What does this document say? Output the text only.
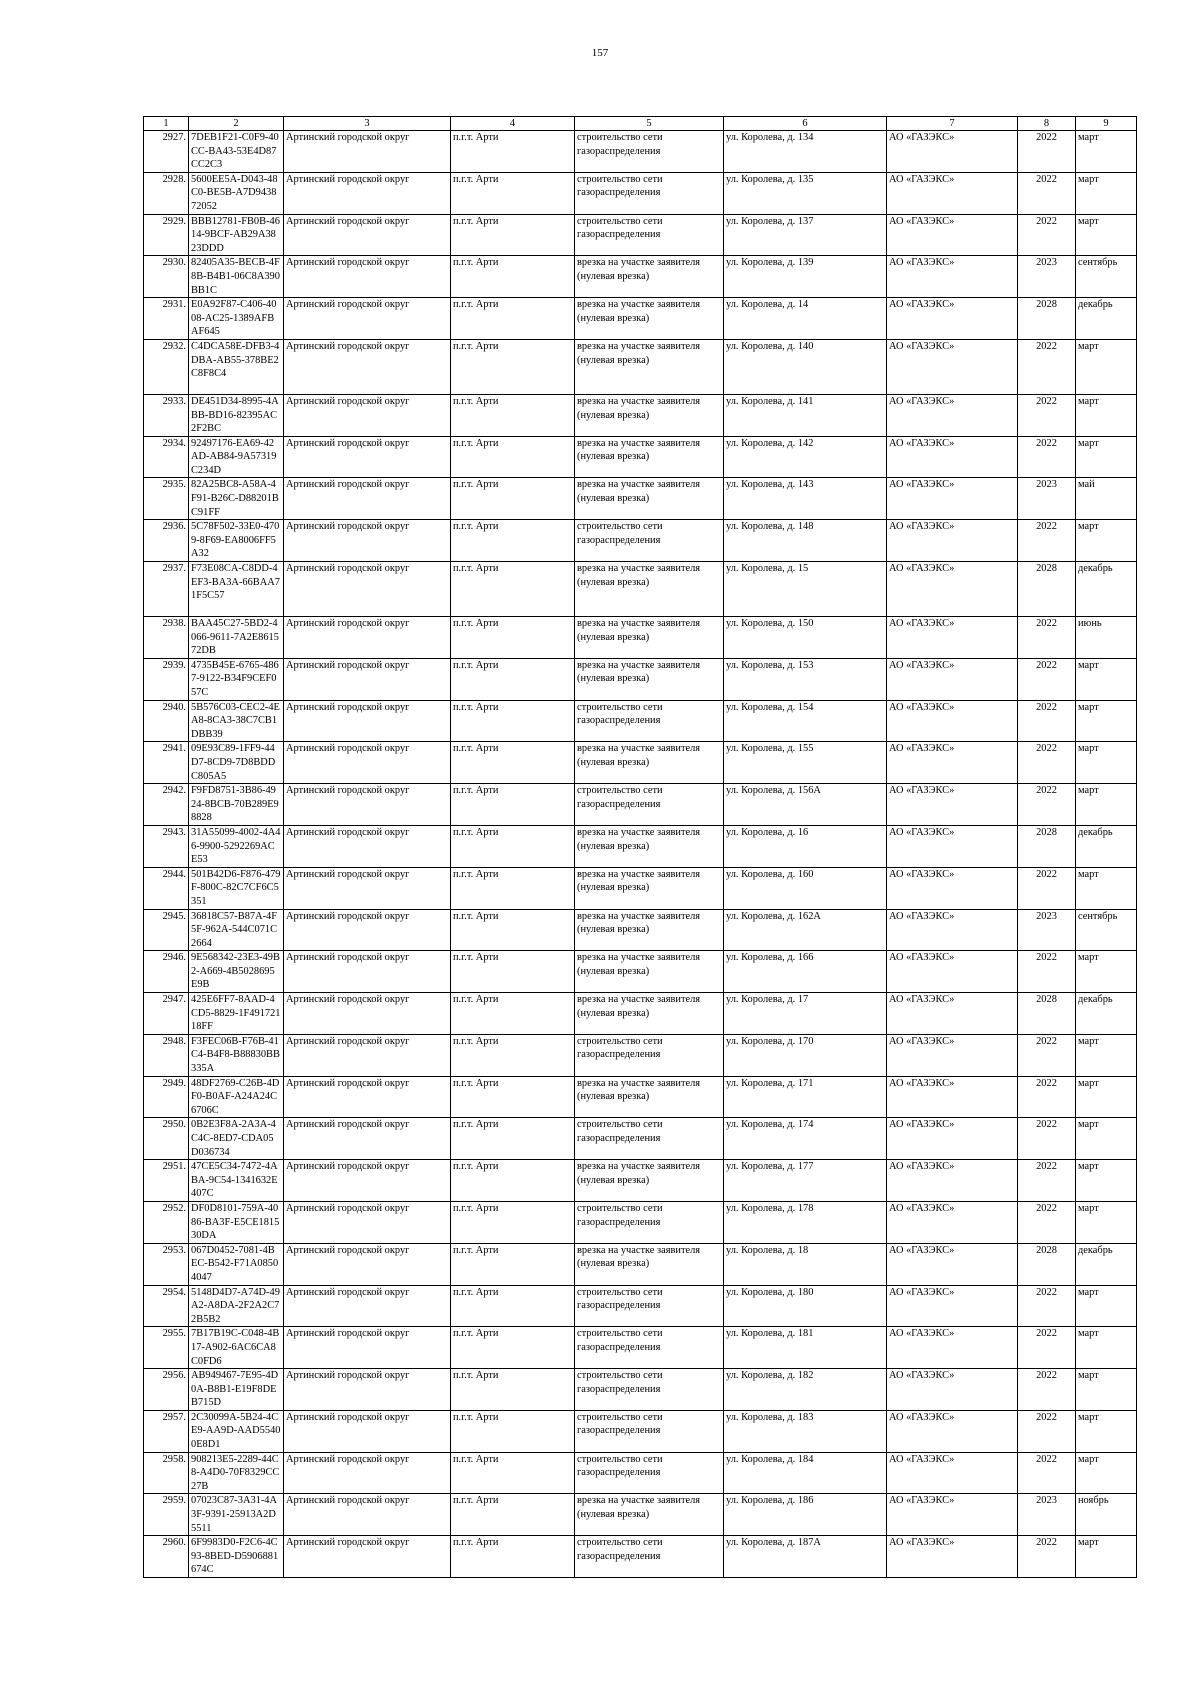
157
1	2	3	4	5	6	7	8	9
2927.	7DEB1F21-C0F9-40CC-BA43-53E4D87CC2C3	Артинский городской округ	п.г.т. Арти	строительство сети газораспределения	ул. Королева, д. 134	АО «ГАЗЭКС»	2022	март
2928.	5600EE5A-D043-48C0-BE5B-A7D943872052	Артинский городской округ	п.г.т. Арти	строительство сети газораспределения	ул. Королева, д. 135	АО «ГАЗЭКС»	2022	март
2929.	BBB12781-FB0B-4614-9BCF-AB29A3823DDD	Артинский городской округ	п.г.т. Арти	строительство сети газораспределения	ул. Королева, д. 137	АО «ГАЗЭКС»	2022	март
2930.	82405A35-BECB-4F8B-B4B1-06C8A390BB1C	Артинский городской округ	п.г.т. Арти	врезка на участке заявителя (нулевая врезка)	ул. Королева, д. 139	АО «ГАЗЭКС»	2023	сентябрь
2931.	E0A92F87-C406-4008-AC25-1389AFBAF645	Артинский городской округ	п.г.т. Арти	врезка на участке заявителя (нулевая врезка)	ул. Королева, д. 14	АО «ГАЗЭКС»	2028	декабрь
2932.	C4DCA58E-DFB3-4DBA-AB55-378BE2C8F8C4	Артинский городской округ	п.г.т. Арти	врезка на участке заявителя (нулевая врезка)	ул. Королева, д. 140	АО «ГАЗЭКС»	2022	март
2933.	DE451D34-8995-4ABB-BD16-82395AC2F2BC	Артинский городской округ	п.г.т. Арти	врезка на участке заявителя (нулевая врезка)	ул. Королева, д. 141	АО «ГАЗЭКС»	2022	март
2934.	92497176-EA69-42AD-AB84-9A57319C234D	Артинский городской округ	п.г.т. Арти	врезка на участке заявителя (нулевая врезка)	ул. Королева, д. 142	АО «ГАЗЭКС»	2022	март
2935.	82A25BC8-A58A-4F91-B26C-D88201BC91FF	Артинский городской округ	п.г.т. Арти	врезка на участке заявителя (нулевая врезка)	ул. Королева, д. 143	АО «ГАЗЭКС»	2023	май
2936.	5C78F502-33E0-4709-8F69-EA8006FF5A32	Артинский городской округ	п.г.т. Арти	строительство сети газораспределения	ул. Королева, д. 148	АО «ГАЗЭКС»	2022	март
2937.	F73E08CA-C8DD-4EF3-BA3A-66BAA71F5C57	Артинский городской округ	п.г.т. Арти	врезка на участке заявителя (нулевая врезка)	ул. Королева, д. 15	АО «ГАЗЭКС»	2028	декабрь
2938.	BAA45C27-5BD2-4066-9611-7A2E861572DB	Артинский городской округ	п.г.т. Арти	врезка на участке заявителя (нулевая врезка)	ул. Королева, д. 150	АО «ГАЗЭКС»	2022	июнь
2939.	4735B45E-6765-4867-9122-B34F9CEF057C	Артинский городской округ	п.г.т. Арти	врезка на участке заявителя (нулевая врезка)	ул. Королева, д. 153	АО «ГАЗЭКС»	2022	март
2940.	5B576C03-CEC2-4EA8-8CA3-38C7CB1DBB39	Артинский городской округ	п.г.т. Арти	строительство сети газораспределения	ул. Королева, д. 154	АО «ГАЗЭКС»	2022	март
2941.	09E93C89-1FF9-44D7-8CD9-7D8BDDC805A5	Артинский городской округ	п.г.т. Арти	врезка на участке заявителя (нулевая врезка)	ул. Королева, д. 155	АО «ГАЗЭКС»	2022	март
2942.	F9FD8751-3B86-4924-8BCB-70B289E98828	Артинский городской округ	п.г.т. Арти	строительство сети газораспределения	ул. Королева, д. 156А	АО «ГАЗЭКС»	2022	март
2943.	31A55099-4002-4A46-9900-5292269ACE53	Артинский городской округ	п.г.т. Арти	врезка на участке заявителя (нулевая врезка)	ул. Королева, д. 16	АО «ГАЗЭКС»	2028	декабрь
2944.	501B42D6-F876-479F-800C-82C7CF6C5351	Артинский городской округ	п.г.т. Арти	врезка на участке заявителя (нулевая врезка)	ул. Королева, д. 160	АО «ГАЗЭКС»	2022	март
2945.	36818C57-B87A-4F5F-962A-544C071C2664	Артинский городской округ	п.г.т. Арти	врезка на участке заявителя (нулевая врезка)	ул. Королева, д. 162А	АО «ГАЗЭКС»	2023	сентябрь
2946.	9E568342-23E3-49B2-A669-4B5028695E9B	Артинский городской округ	п.г.т. Арти	врезка на участке заявителя (нулевая врезка)	ул. Королева, д. 166	АО «ГАЗЭКС»	2022	март
2947.	425E6FF7-8AAD-4CD5-8829-1F49172118FF	Артинский городской округ	п.г.т. Арти	врезка на участке заявителя (нулевая врезка)	ул. Королева, д. 17	АО «ГАЗЭКС»	2028	декабрь
2948.	F3FEC06B-F76B-41C4-B4F8-B88830BB335A	Артинский городской округ	п.г.т. Арти	строительство сети газораспределения	ул. Королева, д. 170	АО «ГАЗЭКС»	2022	март
2949.	48DF2769-C26B-4DF0-B0AF-A24A24C6706C	Артинский городской округ	п.г.т. Арти	врезка на участке заявителя (нулевая врезка)	ул. Королева, д. 171	АО «ГАЗЭКС»	2022	март
2950.	0B2E3F8A-2A3A-4C4C-8ED7-CDA05D036734	Артинский городской округ	п.г.т. Арти	строительство сети газораспределения	ул. Королева, д. 174	АО «ГАЗЭКС»	2022	март
2951.	47CE5C34-7472-4ABA-9C54-1341632E407C	Артинский городской округ	п.г.т. Арти	врезка на участке заявителя (нулевая врезка)	ул. Королева, д. 177	АО «ГАЗЭКС»	2022	март
2952.	DF0D8101-759A-4086-BA3F-E5CE181530DA	Артинский городской округ	п.г.т. Арти	строительство сети газораспределения	ул. Королева, д. 178	АО «ГАЗЭКС»	2022	март
2953.	067D0452-7081-4BEC-B542-F71A08504047	Артинский городской округ	п.г.т. Арти	врезка на участке заявителя (нулевая врезка)	ул. Королева, д. 18	АО «ГАЗЭКС»	2028	декабрь
2954.	5148D4D7-A74D-49A2-A8DA-2F2A2C72B5B2	Артинский городской округ	п.г.т. Арти	строительство сети газораспределения	ул. Королева, д. 180	АО «ГАЗЭКС»	2022	март
2955.	7B17B19C-C048-4B17-A902-6AC6CA8C0FD6	Артинский городской округ	п.г.т. Арти	строительство сети газораспределения	ул. Королева, д. 181	АО «ГАЗЭКС»	2022	март
2956.	AB949467-7E95-4D0A-B8B1-E19F8DEB715D	Артинский городской округ	п.г.т. Арти	строительство сети газораспределения	ул. Королева, д. 182	АО «ГАЗЭКС»	2022	март
2957.	2C30099A-5B24-4CE9-AA9D-AAD55400E8D1	Артинский городской округ	п.г.т. Арти	строительство сети газораспределения	ул. Королева, д. 183	АО «ГАЗЭКС»	2022	март
2958.	908213E5-2289-44C8-A4D0-70F8329CC27B	Артинский городской округ	п.г.т. Арти	строительство сети газораспределения	ул. Королева, д. 184	АО «ГАЗЭКС»	2022	март
2959.	07023C87-3A31-4A3F-9391-25913A2D5511	Артинский городской округ	п.г.т. Арти	врезка на участке заявителя (нулевая врезка)	ул. Королева, д. 186	АО «ГАЗЭКС»	2023	ноябрь
2960.	6F9983D0-F2C6-4C93-8BED-D5906881674C	Артинский городской округ	п.г.т. Арти	строительство сети газораспределения	ул. Королева, д. 187А	АО «ГАЗЭКС»	2022	март
